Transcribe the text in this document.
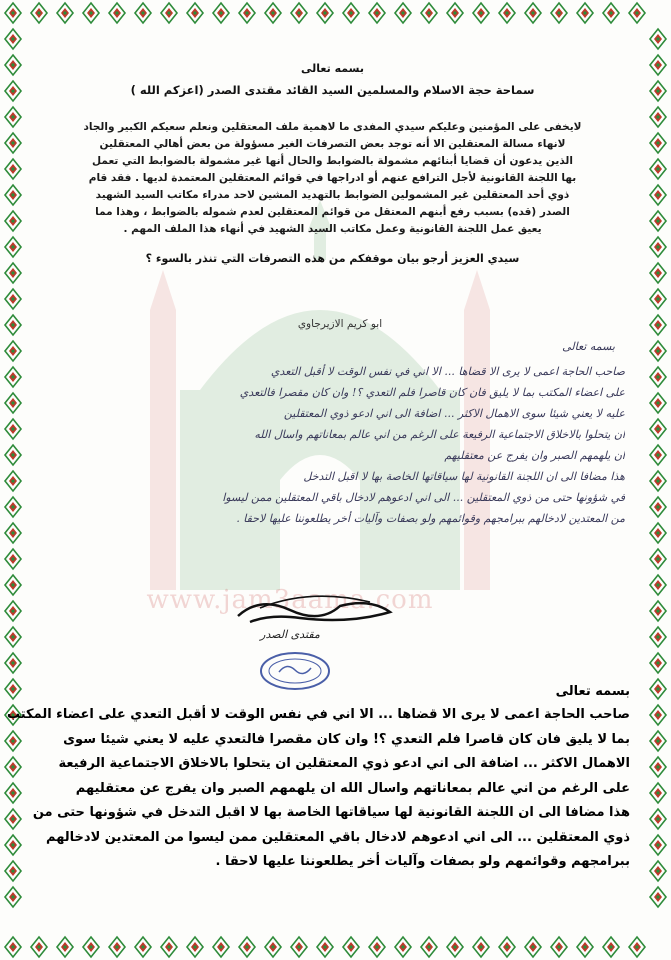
www.jam3aama.com

بسمه تعالى

سماحة حجة الاسلام والمسلمين السيد القائد مقتدى الصدر (اعزكم الله )

لايخفى على المؤمنين وعليكم سيدي المفدى ما لاهمية ملف المعتقلين ونعلم سعيكم الكبير والجاد

لانهاء مسالة المعتقلين الا أنه توجد بعض التصرفات الغير مسؤولة من بعض أهالي المعتقلين

الذين يدعون أن قضايا أبنائهم مشمولة بالضوابط والحال أنها غير مشمولة بالضوابط التي تعمل

بها اللجنة القانونية لأجل الترافع عنهم أو ادراجها في قوائم المعتقلين المعتمدة لديها . فقد قام

ذوي أحد المعتقلين غير المشمولين الضوابط بالتهديد المشين لاحد مدراء مكاتب السيد الشهيد

الصدر (قده) بسبب رفع أبنهم المعتقل من قوائم المعتقلين لعدم شموله بالضوابط ، وهذا مما

يعيق عمل اللجنة القانونية وعمل مكاتب السيد الشهيد في أنهاء هذا الملف المهم .

سيدي العزيز أرجو بيان موقفكم من هذه التصرفات التي تنذر بالسوء ؟

ابو كريم الازيرجاوي

بسمه تعالى

صاحب الحاجة اعمى لا يرى الا قضاها ... الا اني في نفس الوقت لا أقبل التعدي

على اعضاء المكتب بما لا يليق فان كان قاصرا فلم التعدي ؟! وان كان مقصرا فالتعدي

عليه لا يعني شيئا سوى الاهمال الاكثر ... اضافة الى اني ادعو ذوي المعتقلين

ان يتحلوا بالاخلاق الاجتماعية الرفيعة على الرغم من اني عالم بمعاناتهم واسال الله

ان يلهمهم الصبر وان يفرج عن معتقليهم

هذا مضافا الى ان اللجنة القانونية لها سياقاتها الخاصة بها لا اقبل التدخل

في شؤونها حتى من ذوي المعتقلين ... الى اني ادعوهم لادخال باقي المعتقلين ممن ليسوا

من المعتدين لادخالهم ببرامجهم وقوائمهم ولو بصفات وآليات أخر يطلعوننا عليها لاحقا .

مقتدى الصدر

بسمه تعالى

صاحب الحاجة اعمى لا يرى الا قضاها ... الا اني في نفس الوقت لا أقبل التعدي على اعضاء المكتب

بما لا يليق فان كان قاصرا فلم التعدي ؟! وان كان مقصرا فالتعدي عليه لا يعني شيئا سوى

الاهمال الاكثر ... اضافة الى اني ادعو ذوي المعتقلين ان يتحلوا بالاخلاق الاجتماعية الرفيعة

على الرغم من اني عالم بمعاناتهم واسال الله ان يلهمهم الصبر وان يفرج عن معتقليهم

هذا مضافا الى ان اللجنة القانونية لها سياقاتها الخاصة بها لا اقبل التدخل في شؤونها حتى من

ذوي المعتقلين ... الى اني ادعوهم لادخال باقي المعتقلين ممن ليسوا من المعتدين لادخالهم

ببرامجهم وقوائمهم ولو بصفات وآليات أخر يطلعوننا عليها لاحقا .
